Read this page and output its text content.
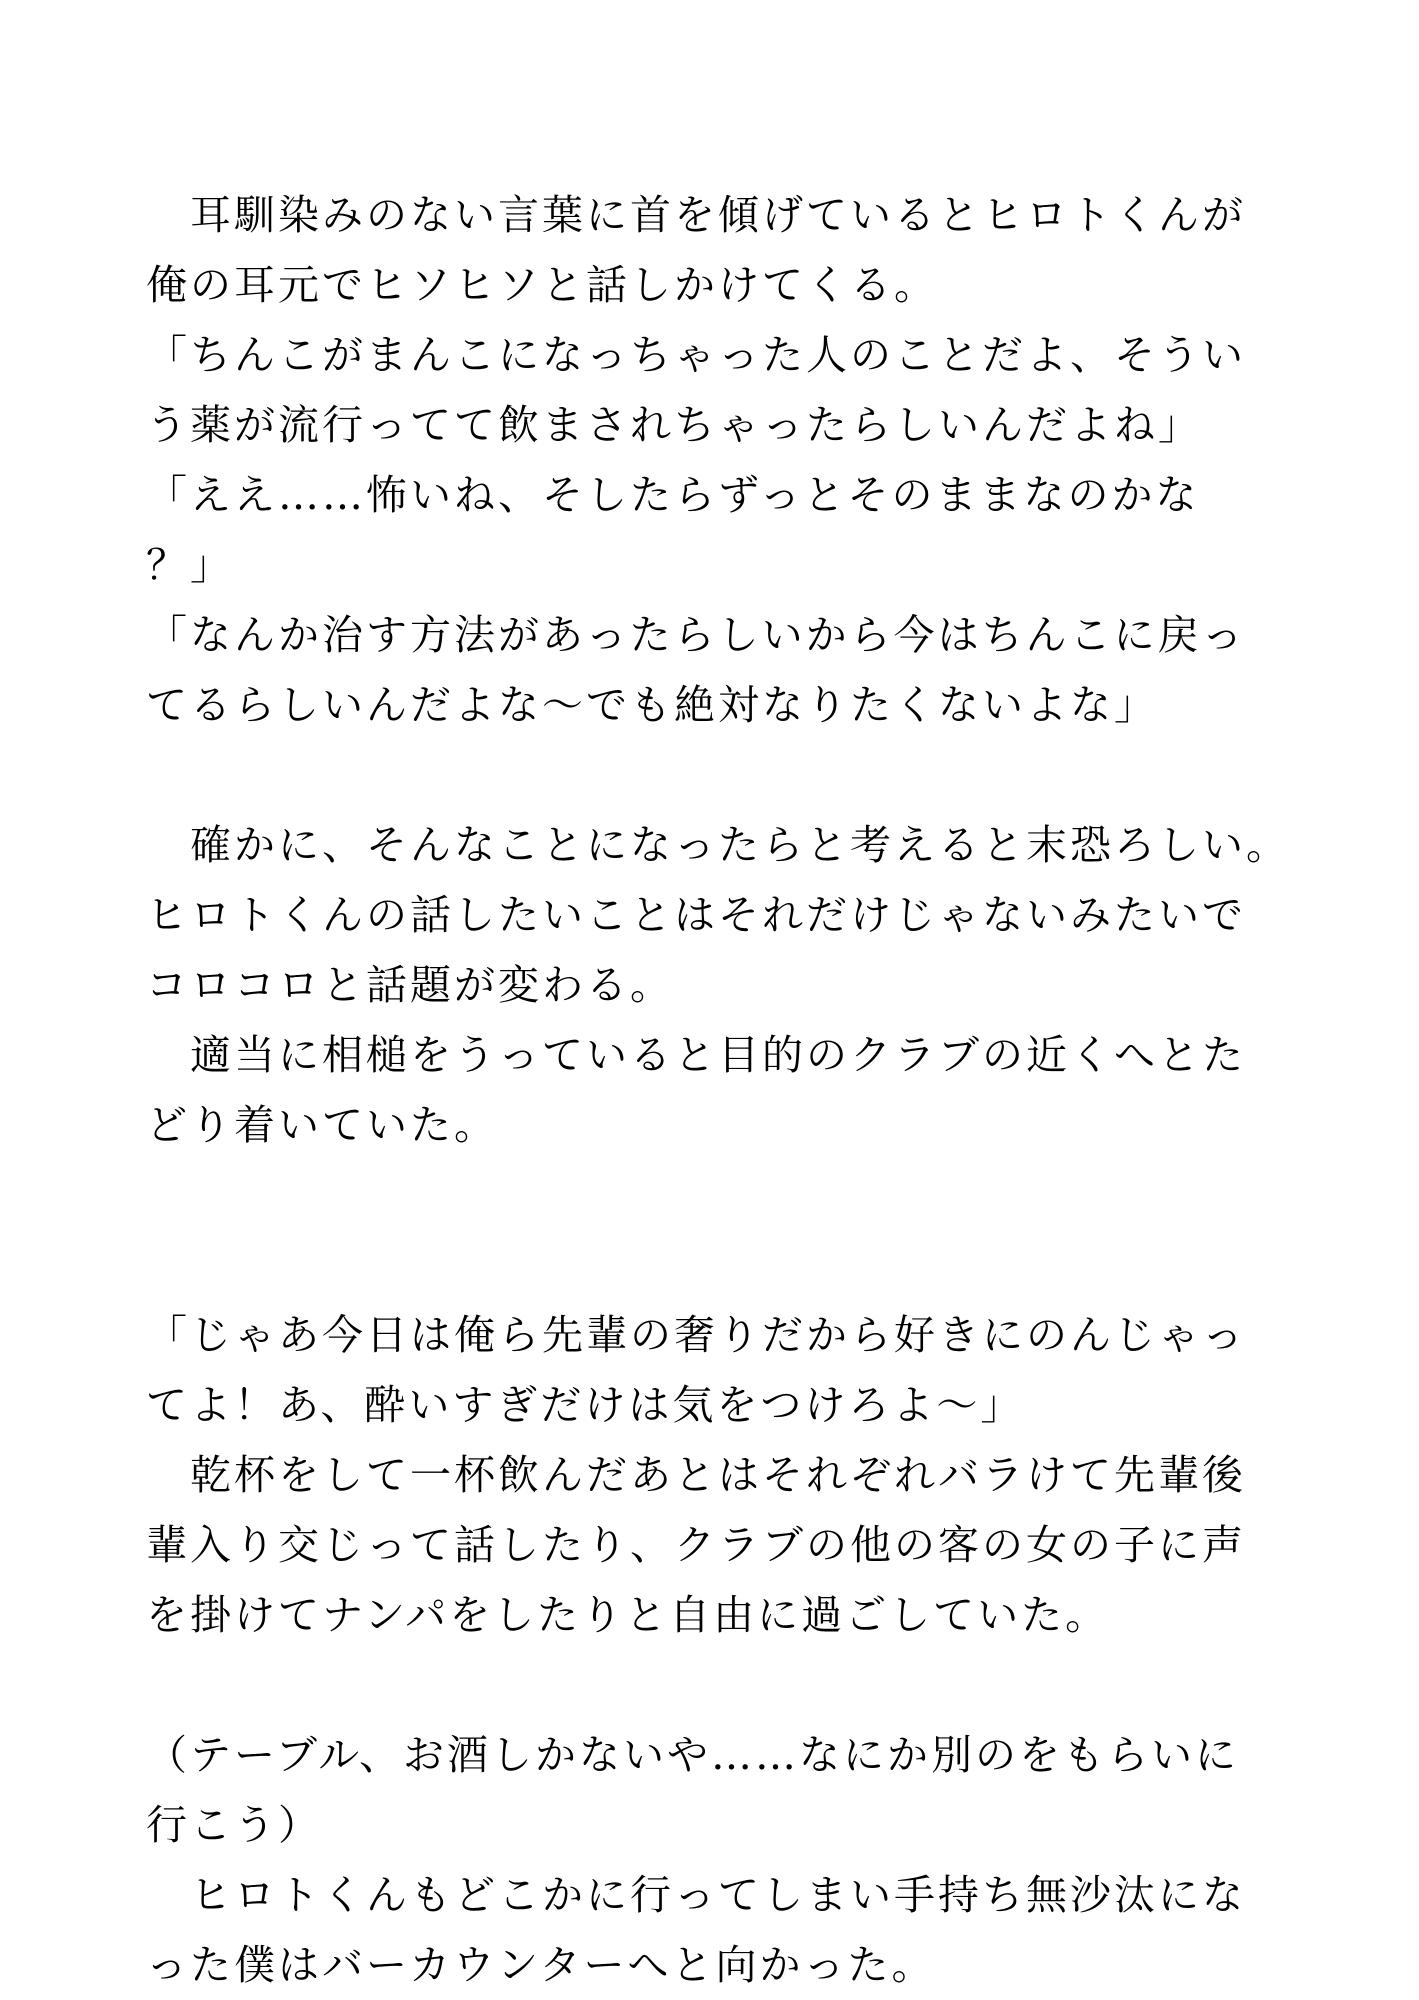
　耳馴染みのない言葉に首を傾げているとヒロトくんが
俺の耳元でヒソヒソと話しかけてくる。
「ちんこがまんこになっちゃった人のことだよ、そうい
う薬が流行ってて飲まされちゃったらしいんだよね」
「ええ……怖いね、そしたらずっとそのままなのかな
？」
「なんか治す方法があったらしいから今はちんこに戻っ
てるらしいんだよな〜でも絶対なりたくないよな」
　確かに、そんなことになったらと考えると末恐ろしい。
ヒロトくんの話したいことはそれだけじゃないみたいで
コロコロと話題が変わる。
　適当に相槌をうっていると目的のクラブの近くへとた
どり着いていた。
「じゃあ今日は俺ら先輩の奢りだから好きにのんじゃっ
てよ！あ、酔いすぎだけは気をつけろよ〜」
　乾杯をして一杯飲んだあとはそれぞれバラけて先輩後
輩入り交じって話したり、クラブの他の客の女の子に声
を掛けてナンパをしたりと自由に過ごしていた。
（テーブル、お酒しかないや……なにか別のをもらいに
行こう）
　ヒロトくんもどこかに行ってしまい手持ち無沙汰にな
った僕はバーカウンターへと向かった。
